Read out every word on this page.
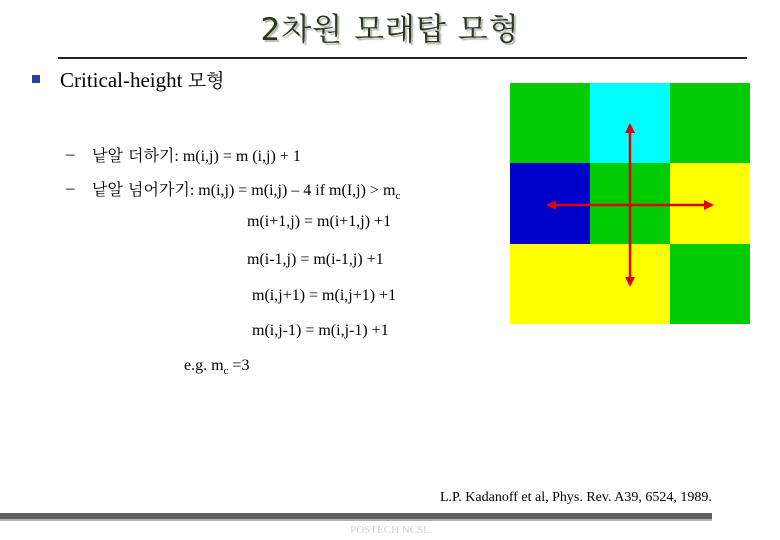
2차원 모래탑 모형
Critical-height 모형
– 낱알 더하기: m(i,j) = m (i,j) + 1
– 낱알 넘어가기: m(i,j) = m(i,j) – 4 if $m(I,j) > m_c$
m(i+1,j) = m(i+1,j) +1
m(i-1,j) = m(i-1,j) +1
m(i,j+1) = m(i,j+1) +1
m(i,j-1) = m(i,j-1) +1
e.g. $m_c =3$
L.P. Kadanoff et al, Phys. Rev. A39, 6524, 1989.
POSTECH NCSL
